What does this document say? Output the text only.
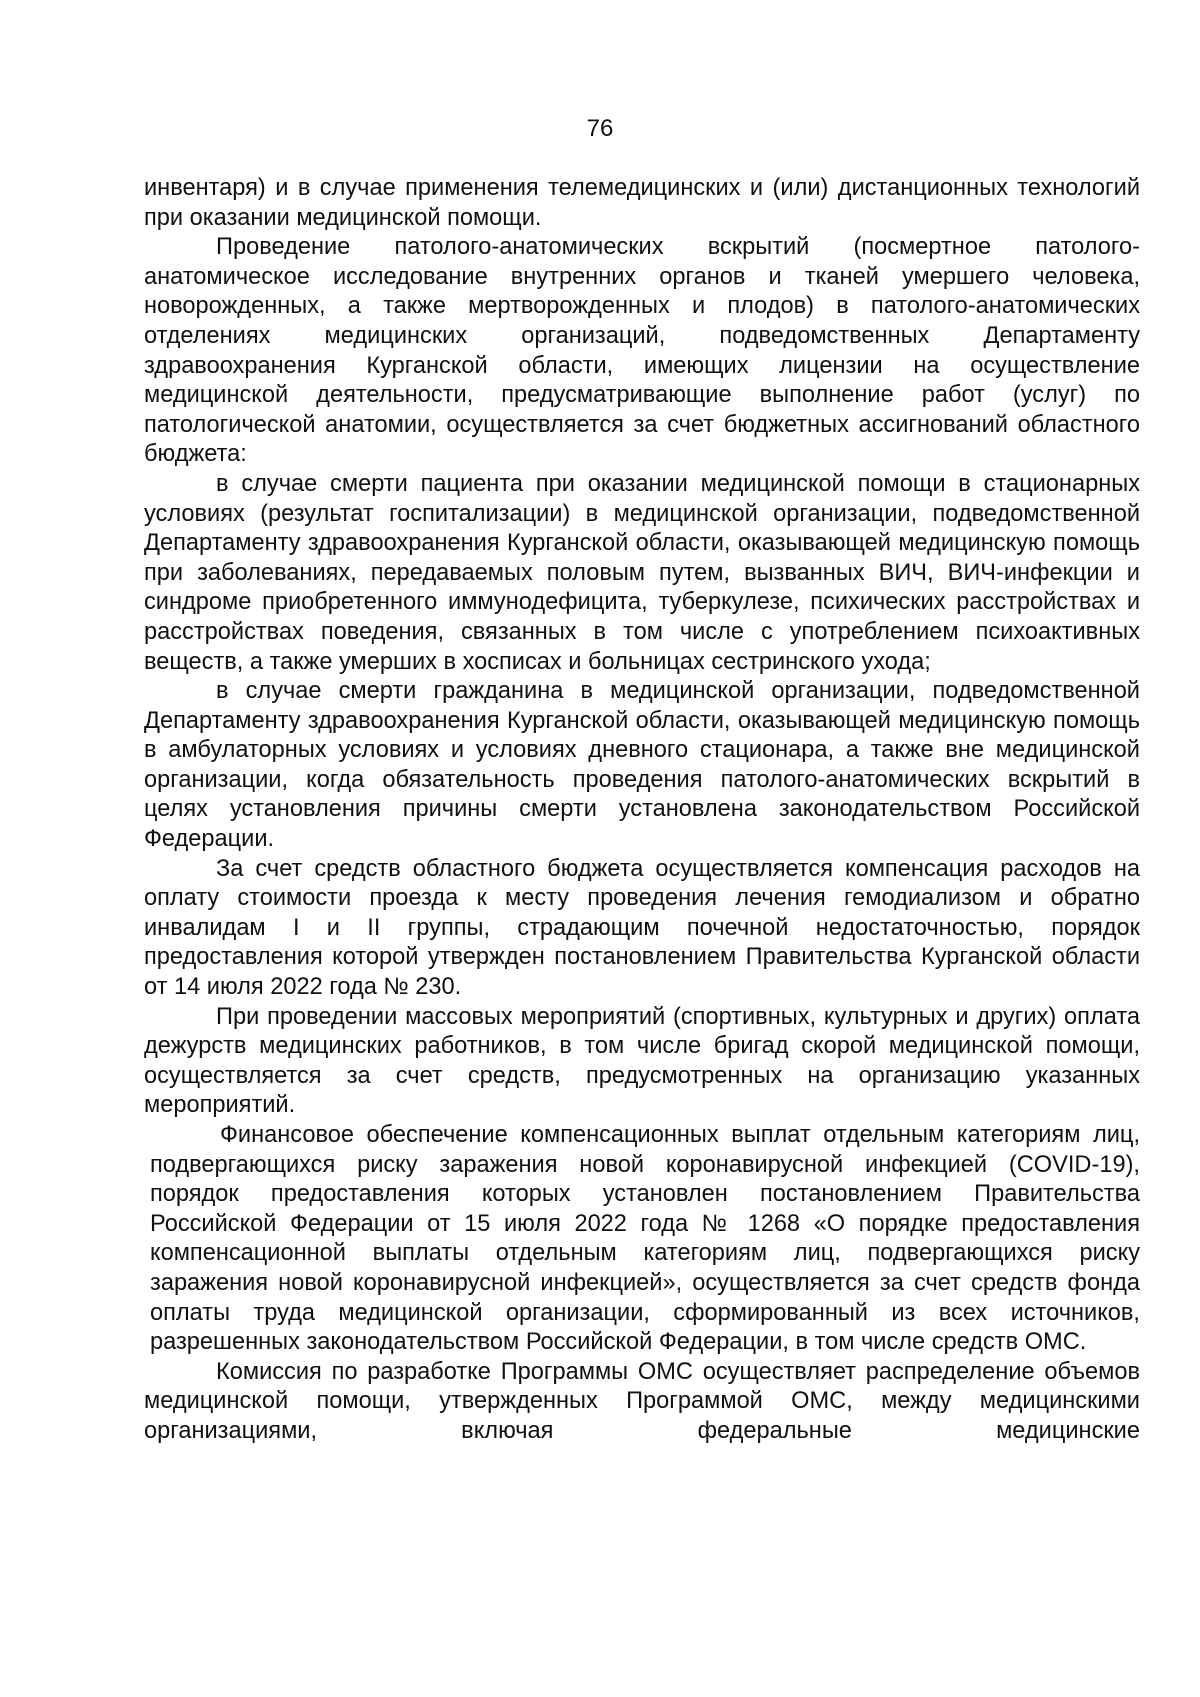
76

инвентаря) и в случае применения телемедицинских и (или) дистанционных технологий при оказании медицинской помощи.

Проведение патолого-анатомических вскрытий (посмертное патолого-анатомическое исследование внутренних органов и тканей умершего человека, новорожденных, а также мертворожденных и плодов) в патолого-анатомических отделениях медицинских организаций, подведомственных Департаменту здравоохранения Курганской области, имеющих лицензии на осуществление медицинской деятельности, предусматривающие выполнение работ (услуг) по патологической анатомии, осуществляется за счет бюджетных ассигнований областного бюджета:

в случае смерти пациента при оказании медицинской помощи в стационарных условиях (результат госпитализации) в медицинской организации, подведомственной Департаменту здравоохранения Курганской области, оказывающей медицинскую помощь при заболеваниях, передаваемых половым путем, вызванных ВИЧ, ВИЧ-инфекции и синдроме приобретенного иммунодефицита, туберкулезе, психических расстройствах и расстройствах поведения, связанных в том числе с употреблением психоактивных веществ, а также умерших в хосписах и больницах сестринского ухода;

в случае смерти гражданина в медицинской организации, подведомственной Департаменту здравоохранения Курганской области, оказывающей медицинскую помощь в амбулаторных условиях и условиях дневного стационара, а также вне медицинской организации, когда обязательность проведения патолого-анатомических вскрытий в целях установления причины смерти установлена законодательством Российской Федерации.

За счет средств областного бюджета осуществляется компенсация расходов на оплату стоимости проезда к месту проведения лечения гемодиализом и обратно инвалидам I и II группы, страдающим почечной недостаточностью, порядок предоставления которой утвержден постановлением Правительства Курганской области от 14 июля 2022 года № 230.

При проведении массовых мероприятий (спортивных, культурных и других) оплата дежурств медицинских работников, в том числе бригад скорой медицинской помощи, осуществляется за счет средств, предусмотренных на организацию указанных мероприятий.

Финансовое обеспечение компенсационных выплат отдельным категориям лиц, подвергающихся риску заражения новой коронавирусной инфекцией (COVID-19), порядок предоставления которых установлен постановлением Правительства Российской Федерации от 15 июля 2022 года № 1268 «О порядке предоставления компенсационной выплаты отдельным категориям лиц, подвергающихся риску заражения новой коронавирусной инфекцией», осуществляется за счет средств фонда оплаты труда медицинской организации, сформированный из всех источников, разрешенных законодательством Российской Федерации, в том числе средств ОМС.

Комиссия по разработке Программы ОМС осуществляет распределение объемов медицинской помощи, утвержденных Программой ОМС, между медицинскими организациями, включая федеральные медицинские
